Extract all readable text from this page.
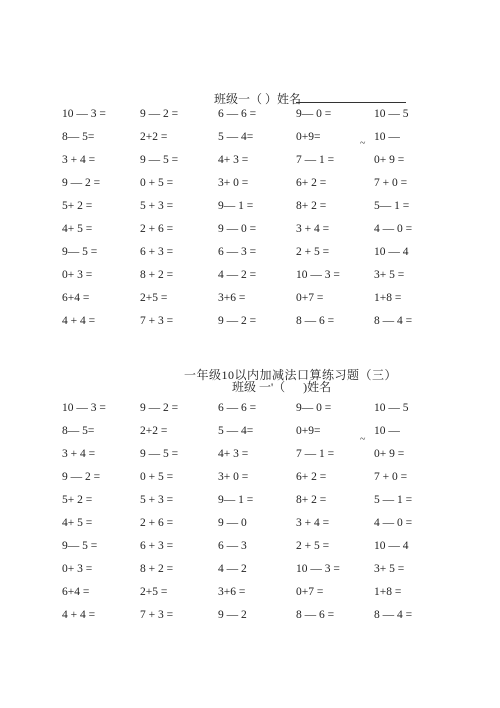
班级一（ ）姓名
~
10 — 3 =	9 — 2 =	6 — 6 =	9— 0 =	10 — 5
8— 5=	2+2 =	5 — 4=	0+9=	10 —
3 + 4 =	9 — 5 =	4+ 3 =	7 — 1 =	0+ 9 =
9 — 2 =	0 + 5 =	3+ 0 =	6+ 2 =	7 + 0 =
5+ 2 =	5 + 3 =	9— 1 =	8+ 2 =	5— 1 =
4+ 5 =	2 + 6 =	9 — 0 =	3 + 4 =	4 — 0 =
9— 5 =	6 + 3 =	6 — 3 =	2 + 5 =	10 — 4
0+ 3 =	8 + 2 =	4 — 2 =	10 — 3 =	3+ 5 =
6+4 =	2+5 =	3+6 =	0+7 =	1+8 =
4 + 4 =	7 + 3 =	9 — 2 =	8 — 6 =	8 — 4 =
一年级10以内加减法口算练习题（三）
班级 一'（      )姓名
~
10 — 3 =	9 — 2 =	6 — 6 =	9— 0 =	10 — 5
8— 5=	2+2 =	5 — 4=	0+9=	10 —
3 + 4 =	9 — 5 =	4+ 3 =	7 — 1 =	0+ 9 =
9 — 2 =	0 + 5 =	3+ 0 =	6+ 2 =	7 + 0 =
5+ 2 =	5 + 3 =	9— 1 =	8+ 2 =	5 — 1 =
4+ 5 =	2 + 6 =	9 — 0	3 + 4 =	4 — 0 =
9— 5 =	6 + 3 =	6 — 3	2 + 5 =	10 — 4
0+ 3 =	8 + 2 =	4 — 2	10 — 3 =	3+ 5 =
6+4 =	2+5 =	3+6 =	0+7 =	1+8 =
4 + 4 =	7 + 3 =	9 — 2	8 — 6 =	8 — 4 =
